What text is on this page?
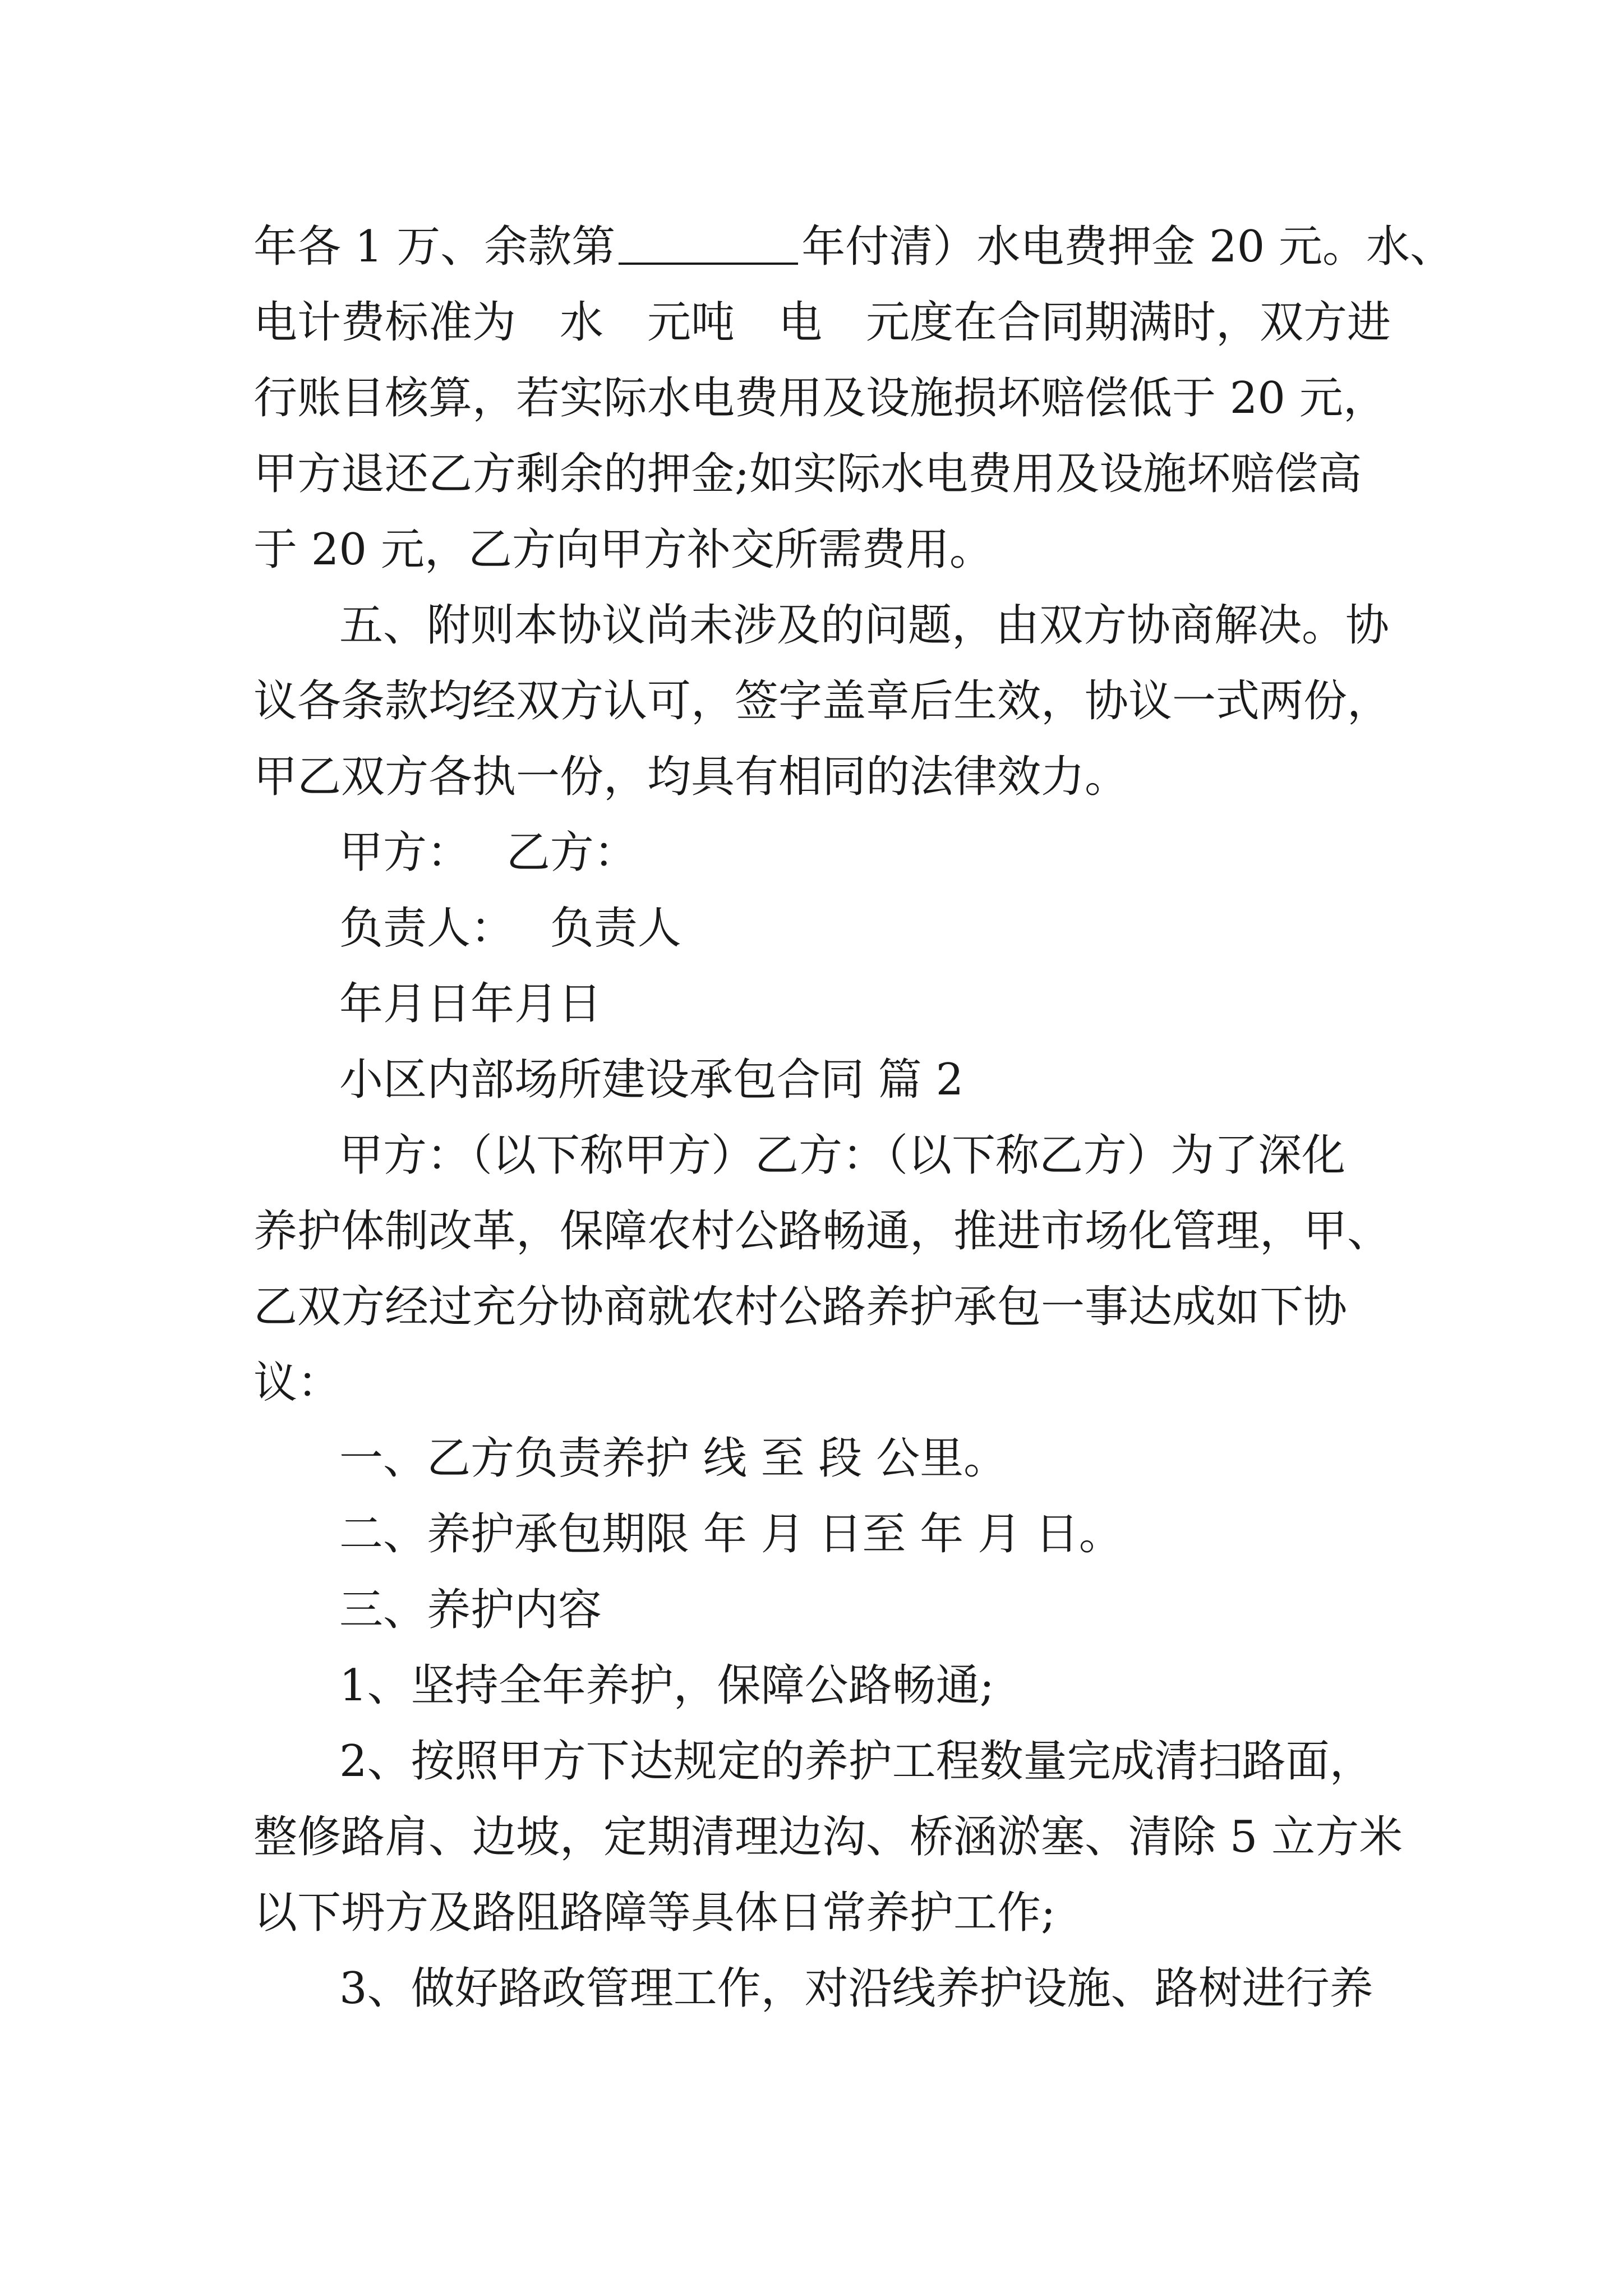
年各 1 万、余款第	年付清）水电费押金 20 元。水、
电计费标准为　水　元吨　电　元度在合同期满时，双方进
行账目核算，若实际水电费用及设施损坏赔偿低于 20 元，
甲方退还乙方剩余的押金;如实际水电费用及设施坏赔偿高
于 20 元，乙方向甲方补交所需费用。
五、附则本协议尚未涉及的问题，由双方协商解决。协
议各条款均经双方认可，签字盖章后生效，协议一式两份，
甲乙双方各执一份，均具有相同的法律效力。
甲方：　 乙方：
负责人：　 负责人
年月日年月日
小区内部场所建设承包合同 篇 2
甲方：（以下称甲方）乙方：（以下称乙方）为了深化
养护体制改革，保障农村公路畅通，推进市场化管理，甲、
乙双方经过充分协商就农村公路养护承包一事达成如下协
议：
一、乙方负责养护 线 至 段 公里。
二、养护承包期限 年 月 日至 年 月 日。
三、养护内容
1、坚持全年养护，保障公路畅通;
2、按照甲方下达规定的养护工程数量完成清扫路面，
整修路肩、边坡，定期清理边沟、桥涵淤塞、清除 5 立方米
以下坍方及路阻路障等具体日常养护工作;
3、做好路政管理工作，对沿线养护设施、路树进行养
